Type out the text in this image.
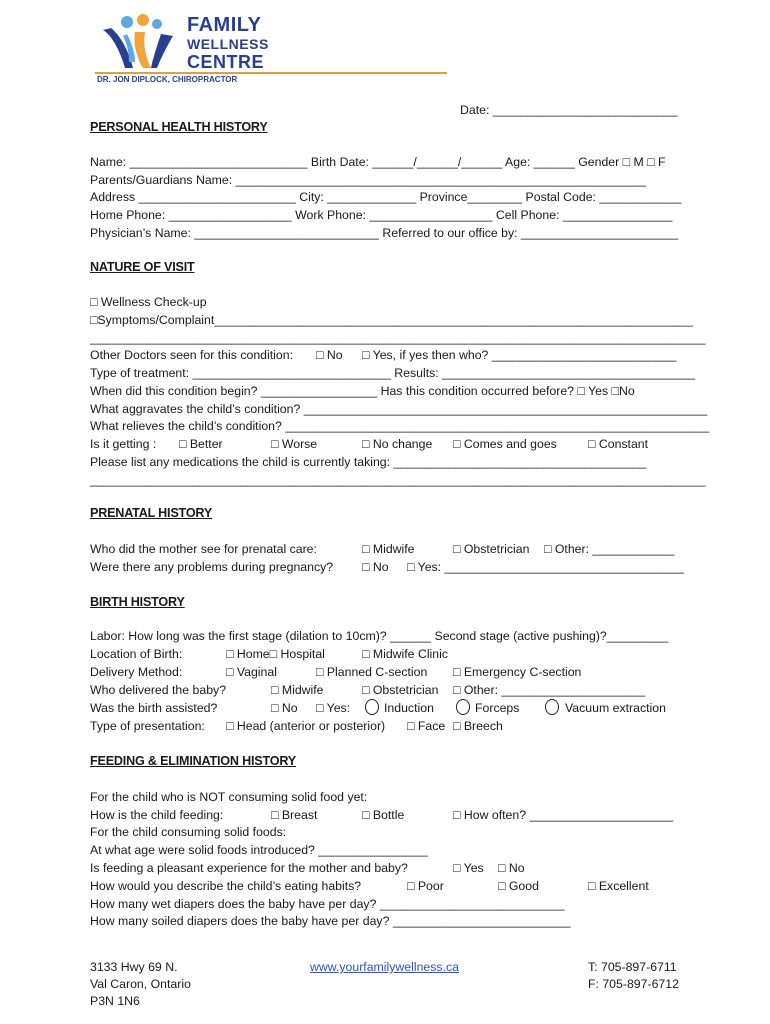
FAMILY
WELLNESS
CENTRE
DR. JON DIPLOCK, CHIROPRACTOR
Date: ___________________________
PERSONAL HEALTH HISTORY
Name: __________________________ Birth Date: ______/______/______ Age: ______ Gender □ M □ F
Parents/Guardians Name: ____________________________________________________________
Address _______________________ City: _____________ Province________ Postal Code: ____________
Home Phone: __________________ Work Phone: __________________ Cell Phone: ________________
Physician’s Name: ___________________________ Referred to our office by: _______________________
NATURE OF VISIT
□ Wellness Check-up
□Symptoms/Complaint______________________________________________________________________
__________________________________________________________________________________________
Other Doctors seen for this condition: □ No □ Yes, if yes then who? ___________________________
Type of treatment: _____________________________ Results: _____________________________________
When did this condition begin? _________________ Has this condition occurred before? □ Yes □No
What aggravates the child’s condition? ___________________________________________________________
What relieves the child’s condition? ______________________________________________________________
Is it getting : □ Better	□ Worse	□ No change □ Comes and goes	□ Constant
Please list any medications the child is currently taking: _____________________________________
__________________________________________________________________________________________
PRENATAL HISTORY
Who did the mother see for prenatal care:	□ Midwife	□ Obstetrician □ Other: ____________
Were there any problems during pregnancy? □ No □ Yes: ___________________________________
BIRTH HISTORY
Labor: How long was the first stage (dilation to 10cm)? ______ Second stage (active pushing)?_________
Location of Birth:	□ Home□ Hospital	□ Midwife Clinic
Delivery Method:	□ Vaginal	□ Planned C-section □ Emergency C-section
Who delivered the baby?	□ Midwife	□ Obstetrician □ Other: _____________________
Was the birth assisted?	□ No □ Yes:	Induction	Forceps	Vacuum extraction
Type of presentation: □ Head (anterior or posterior) □ Face □ Breech
FEEDING & ELIMINATION HISTORY
For the child who is NOT consuming solid food yet:
How is the child feeding:	□ Breast	□ Bottle	□ How often? _____________________
For the child consuming solid foods:
At what age were solid foods introduced? ________________
Is feeding a pleasant experience for the mother and baby?	□ Yes □ No
How would you describe the child’s eating habits?	□ Poor	□ Good	□ Excellent
How many wet diapers does the baby have per day? ___________________________
How many soiled diapers does the baby have per day? __________________________
3133 Hwy 69 N.
Val Caron, Ontario
P3N 1N6
www.yourfamilywellness.ca	T: 705-897-6711
F: 705-897-6712
